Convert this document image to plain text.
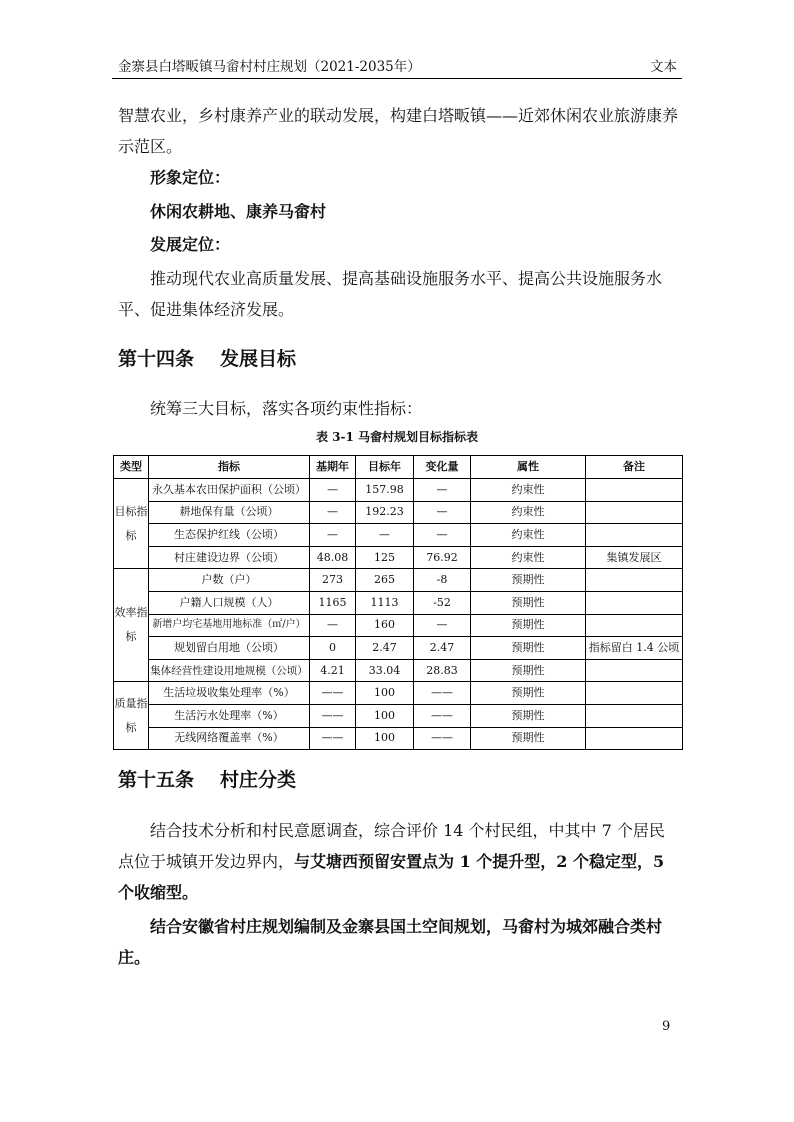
金寨县白塔畈镇马畲村村庄规划（2021-2035年）	文本

智慧农业，乡村康养产业的联动发展，构建白塔畈镇——近郊休闲农业旅游康养示范区。

形象定位：

休闲农耕地、康养马畲村

发展定位：

推动现代农业高质量发展、提高基础设施服务水平、提高公共设施服务水平、促进集体经济发展。

第十四条 发展目标

统筹三大目标，落实各项约束性指标：

表 3-1 马畲村规划目标指标表
类型	指标	基期年	目标年	变化量	属性	备注
目标指标	永久基本农田保护面积（公顷）	—	157.98	—	约束性	
	耕地保有量（公顷）	—	192.23	—	约束性	
	生态保护红线（公顷）	—	—	—	约束性	
	村庄建设边界（公顷）	48.08	125	76.92	约束性	集镇发展区
效率指标	户数（户）	273	265	-8	预期性	
	户籍人口规模（人）	1165	1113	-52	预期性	
	新增户均宅基地用地标准（㎡/户）	—	160	—	预期性	
	规划留白用地（公顷）	0	2.47	2.47	预期性	指标留白 1.4 公顷
	集体经营性建设用地规模（公顷）	4.21	33.04	28.83	预期性	
质量指标	生活垃圾收集处理率（%）	——	100	——	预期性	
	生活污水处理率（%）	——	100	——	预期性	
	无线网络覆盖率（%）	——	100	——	预期性	
第十五条 村庄分类

结合技术分析和村民意愿调查，综合评价 14 个村民组，中其中 7 个居民点位于城镇开发边界内，与艾塘西预留安置点为 1 个提升型，2 个稳定型，5 个收缩型。

结合安徽省村庄规划编制及金寨县国土空间规划，马畲村为城郊融合类村庄。

9
